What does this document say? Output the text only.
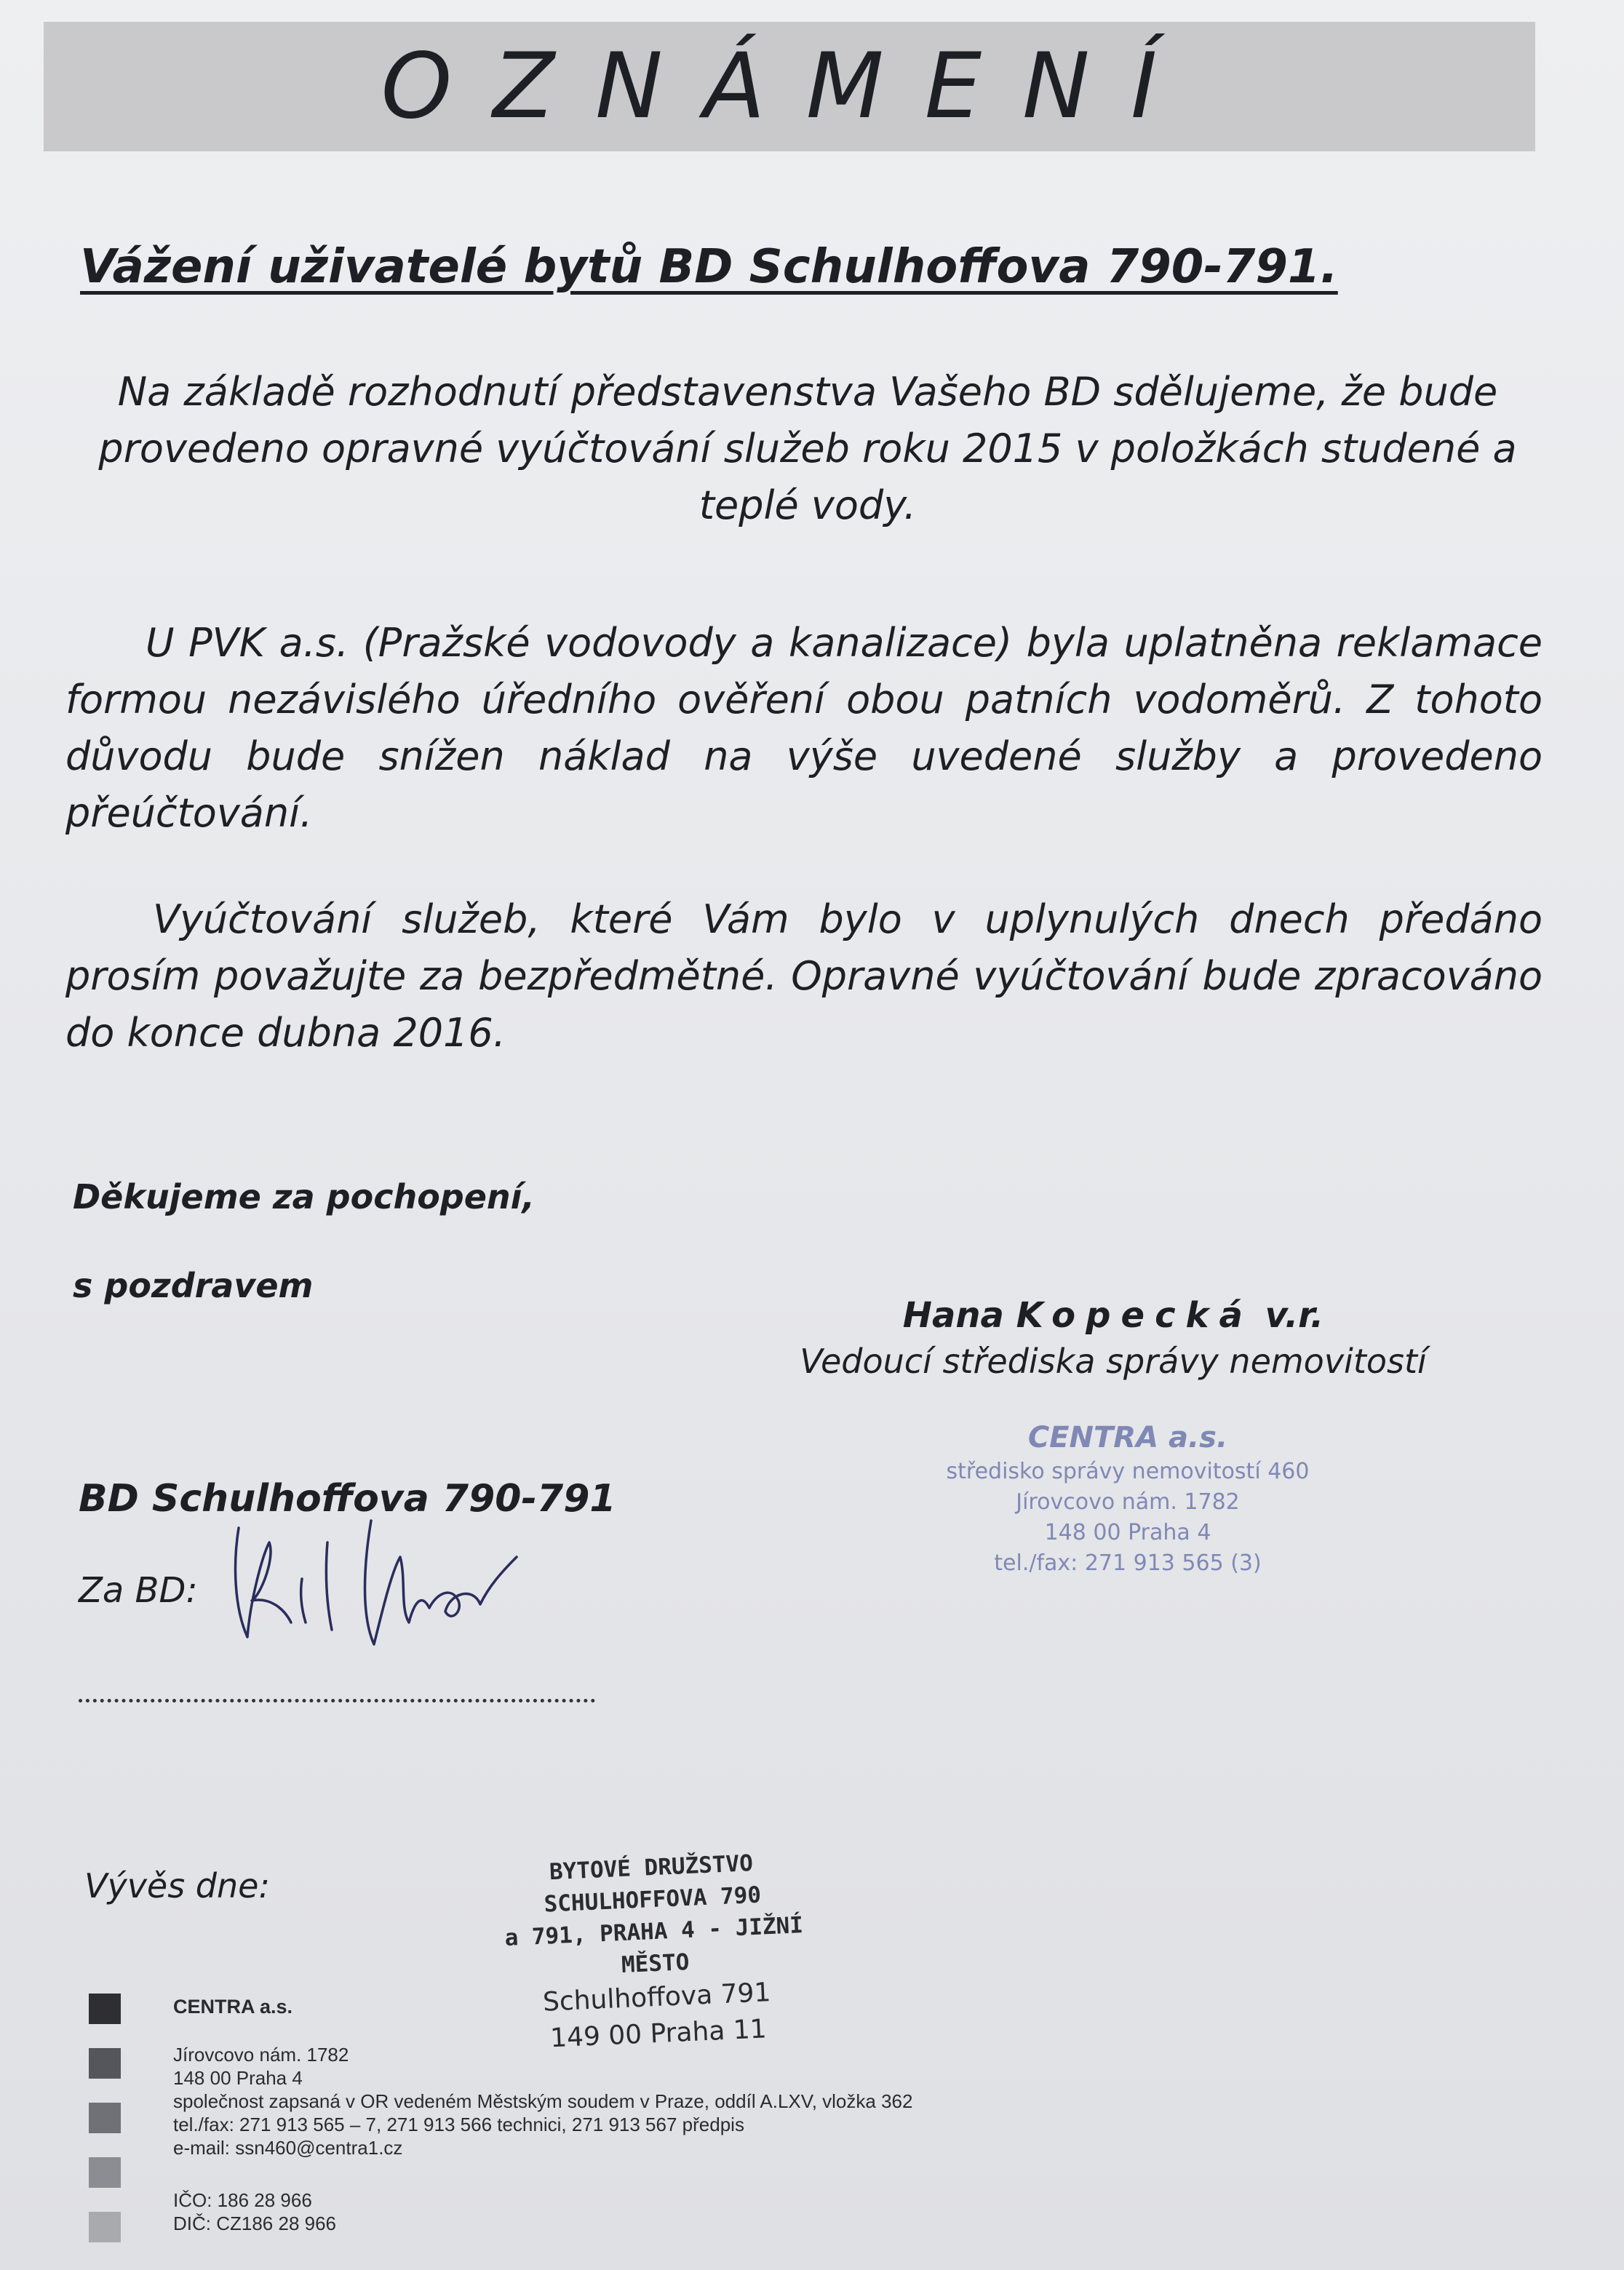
OZNÁMENÍ
Vážení uživatelé bytů BD Schulhoffova 790-791.

Na základě rozhodnutí představenstva Vašeho BD sdělujeme, že bude provedeno opravné vyúčtování služeb roku 2015 v položkách studené a teplé vody.

U PVK a.s. (Pražské vodovody a kanalizace) byla uplatněna reklamace formou nezávislého úředního ověření obou patních vodoměrů. Z tohoto důvodu bude snížen náklad na výše uvedené služby a provedeno přeúčtování.

Vyúčtování služeb, které Vám bylo v uplynulých dnech předáno prosím považujte za bezpředmětné. Opravné vyúčtování bude zpracováno do konce dubna 2016.

Děkujeme za pochopení,
s pozdravem
Hana Kopecká v.r.
Vedoucí střediska správy nemovitostí
CENTRA a.s.
středisko správy nemovitostí 460
Jírovcovo nám. 1782
148 00 Praha 4
tel./fax: 271 913 565 (3)
BD Schulhoffova 790-791
Za BD:
Vývěs dne:	BYTOVÉ DRUŽSTVO SCHULHOFFOVA 790
a 791, PRAHA 4 - JIŽNÍ MĚSTO
Schulhoffova 791
149 00 Praha 11
CENTRA a.s.
Jírovcovo nám. 1782
148 00 Praha 4
společnost zapsaná v OR vedeném Městským soudem v Praze, oddíl A.LXV, vložka 362
tel./fax: 271 913 565 – 7, 271 913 566 technici, 271 913 567 předpis
e-mail: ssn460@centra1.cz
IČO: 186 28 966
DIČ: CZ186 28 966
